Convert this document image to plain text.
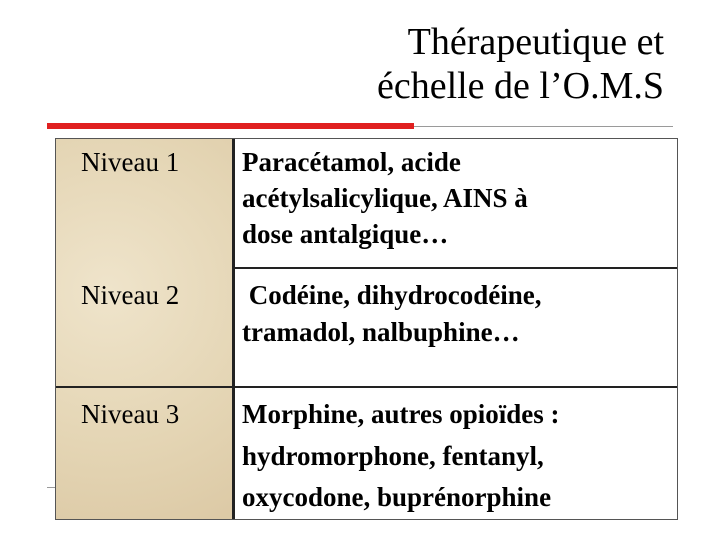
Thérapeutique et
échelle de l’O.M.S
Niveau 1
Niveau 2
Niveau 3
Paracétamol, acide
acétylsalicylique, AINS à
dose antalgique…
Codéine, dihydrocodéine,
tramadol, nalbuphine…
Morphine, autres opioïdes :
hydromorphone, fentanyl,
oxycodone, buprénorphine
